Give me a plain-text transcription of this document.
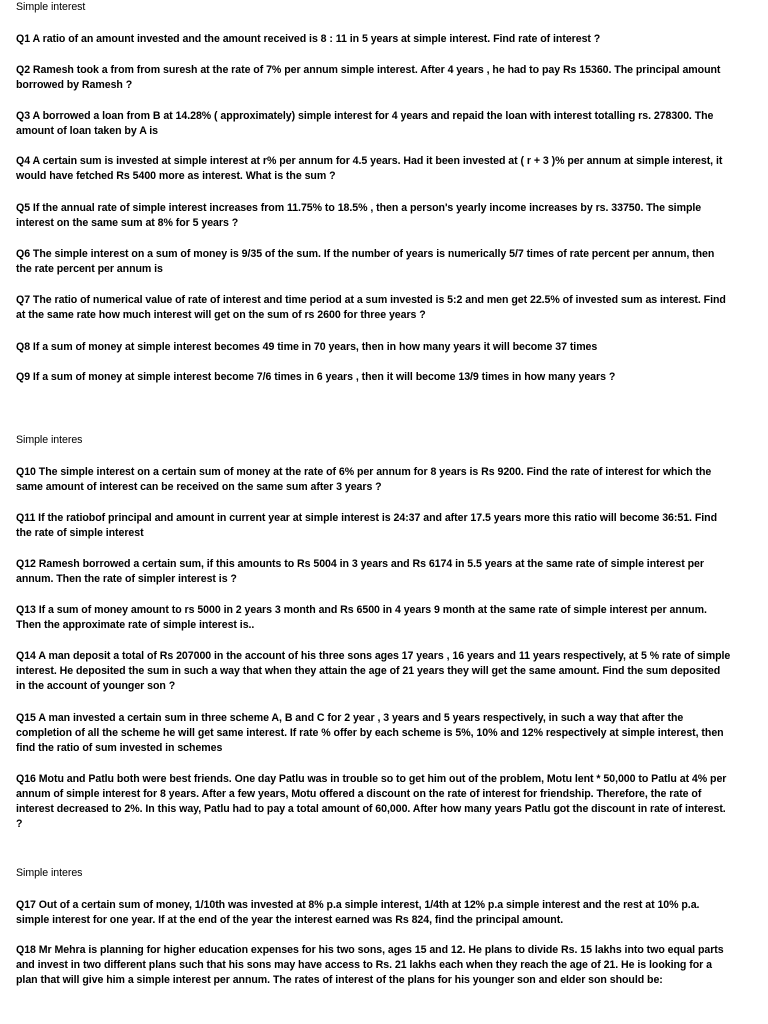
Simple interest

Q1 A ratio of an amount invested and the amount received is 8 : 11 in 5 years at simple interest. Find rate of interest ?

Q2 Ramesh took a from from suresh at the rate of 7% per annum simple interest. After 4 years , he had to pay Rs 15360. The principal amount borrowed by Ramesh ?

Q3 A borrowed a loan from B at 14.28% ( approximately) simple interest for 4 years and repaid the loan with interest totalling rs. 278300. The amount of loan taken by A is

Q4 A certain sum is invested at simple interest at r% per annum for 4.5 years. Had it been invested at ( r + 3 )% per annum at simple interest, it would have fetched Rs 5400 more as interest. What is the sum ?

Q5 If the annual rate of simple interest increases from 11.75% to 18.5% , then a person's yearly income increases by rs. 33750. The simple interest on the same sum at 8% for 5 years ?

Q6 The simple interest on a sum of money is 9/35 of the sum. If the number of years is numerically 5/7 times of rate percent per annum, then the rate percent per annum is

Q7 The ratio of numerical value of rate of interest and time period at a sum invested is 5:2 and men get 22.5% of invested sum as interest. Find at the same rate how much interest will get on the sum of rs 2600 for three years ?

Q8 If a sum of money at simple interest becomes 49 time in 70 years, then in how many years it will become 37 times

Q9 If a sum of money at simple interest become 7/6 times in 6 years , then it will become 13/9 times in how many years ?

Simple interes

Q10 The simple interest on a certain sum of money at the rate of 6% per annum for 8 years is Rs 9200. Find the rate of interest for which the same amount of interest can be received on the same sum after 3 years ?

Q11 If the ratiobof principal and amount in current year at simple interest is 24:37 and after 17.5 years more this ratio will become 36:51. Find the rate of simple interest

Q12 Ramesh borrowed a certain sum, if this amounts to Rs 5004 in 3 years and Rs 6174 in 5.5 years at the same rate of simple interest per annum. Then the rate of simpler interest is ?

Q13 If a sum of money amount to rs 5000 in 2 years 3 month and Rs 6500 in 4 years 9 month at the same rate of simple interest per annum. Then the approximate rate of simple interest is..

Q14 A man deposit a total of Rs 207000 in the account of his three sons ages 17 years , 16 years and 11 years respectively, at 5 % rate of simple interest. He deposited the sum in such a way that when they attain the age of 21 years they will get the same amount. Find the sum deposited in the account of younger son ?

Q15 A man invested a certain sum in three scheme A, B and C for 2 year , 3 years and 5 years respectively, in such a way that after the completion of all the scheme he will get same interest. If rate % offer by each scheme is 5%, 10% and 12% respectively at simple interest, then find the ratio of sum invested in schemes

Q16 Motu and Patlu both were best friends. One day Patlu was in trouble so to get him out of the problem, Motu lent * 50,000 to Patlu at 4% per annum of simple interest for 8 years. After a few years, Motu offered a discount on the rate of interest for friendship. Therefore, the rate of interest decreased to 2%. In this way, Patlu had to pay a total amount of 60,000. After how many years Patlu got the discount in rate of interest. ?

Simple interes

Q17 Out of a certain sum of money, 1/10th was invested at 8% p.a simple interest, 1/4th at 12% p.a simple interest and the rest at 10% p.a. simple interest for one year. If at the end of the year the interest earned was Rs 824, find the principal amount.

Q18 Mr Mehra is planning for higher education expenses for his two sons, ages 15 and 12. He plans to divide Rs. 15 lakhs into two equal parts and invest in two different plans such that his sons may have access to Rs. 21 lakhs each when they reach the age of 21. He is looking for a plan that will give him a simple interest per annum. The rates of interest of the plans for his younger son and elder son should be:
